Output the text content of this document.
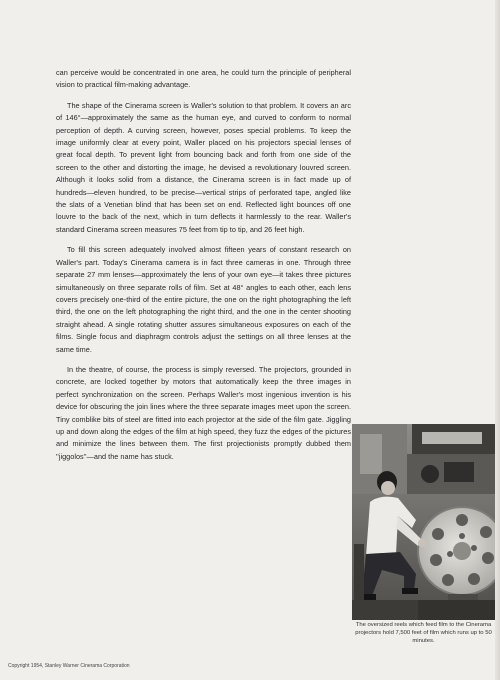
can perceive would be concentrated in one area, he could turn the principle of peripheral vision to practical film-making advantage.

The shape of the Cinerama screen is Waller's solution to that problem. It covers an arc of 146°—approximately the same as the human eye, and curved to conform to normal perception of depth. A curving screen, however, poses special problems. To keep the image uniformly clear at every point, Waller placed on his projectors special lenses of great focal depth. To prevent light from bouncing back and forth from one side of the screen to the other and distorting the image, he devised a revolutionary louvred screen. Although it looks solid from a distance, the Cinerama screen is in fact made up of hundreds—eleven hundred, to be precise—vertical strips of perforated tape, angled like the slats of a Venetian blind that has been set on end. Reflected light bounces off one louvre to the back of the next, which in turn deflects it harmlessly to the rear. Waller's standard Cinerama screen measures 75 feet from tip to tip, and 26 feet high.

To fill this screen adequately involved almost fifteen years of constant research on Waller's part. Today's Cinerama camera is in fact three cameras in one. Through three separate 27 mm lenses—approximately the lens of your own eye—it takes three pictures simultaneously on three separate rolls of film. Set at 48° angles to each other, each lens covers precisely one-third of the entire picture, the one on the right photographing the left third, the one on the left photographing the right third, and the one in the center shooting straight ahead. A single rotating shutter assures simultaneous exposures on each of the films. Single focus and diaphragm controls adjust the settings on all three lenses at the same time.

In the theatre, of course, the process is simply reversed. The projectors, grounded in concrete, are locked together by motors that automatically keep the three images in perfect synchronization on the screen. Perhaps Waller's most ingenious invention is his device for obscuring the join lines where the three separate images meet upon the screen. Tiny comblike bits of steel are fitted into each projector at the side of the film gate. Jiggling up and down along the edges of the film at high speed, they fuzz the edges of the pictures and minimize the lines between them. The first projectionists promptly dubbed them ''jiggolos''—and the name has stuck.

The oversized reels which feed film to the Cinerama projectors hold 7,500 feet of film which runs up to 50 minutes.
Copyright 1954, Stanley Warner Cinerama Corporation
